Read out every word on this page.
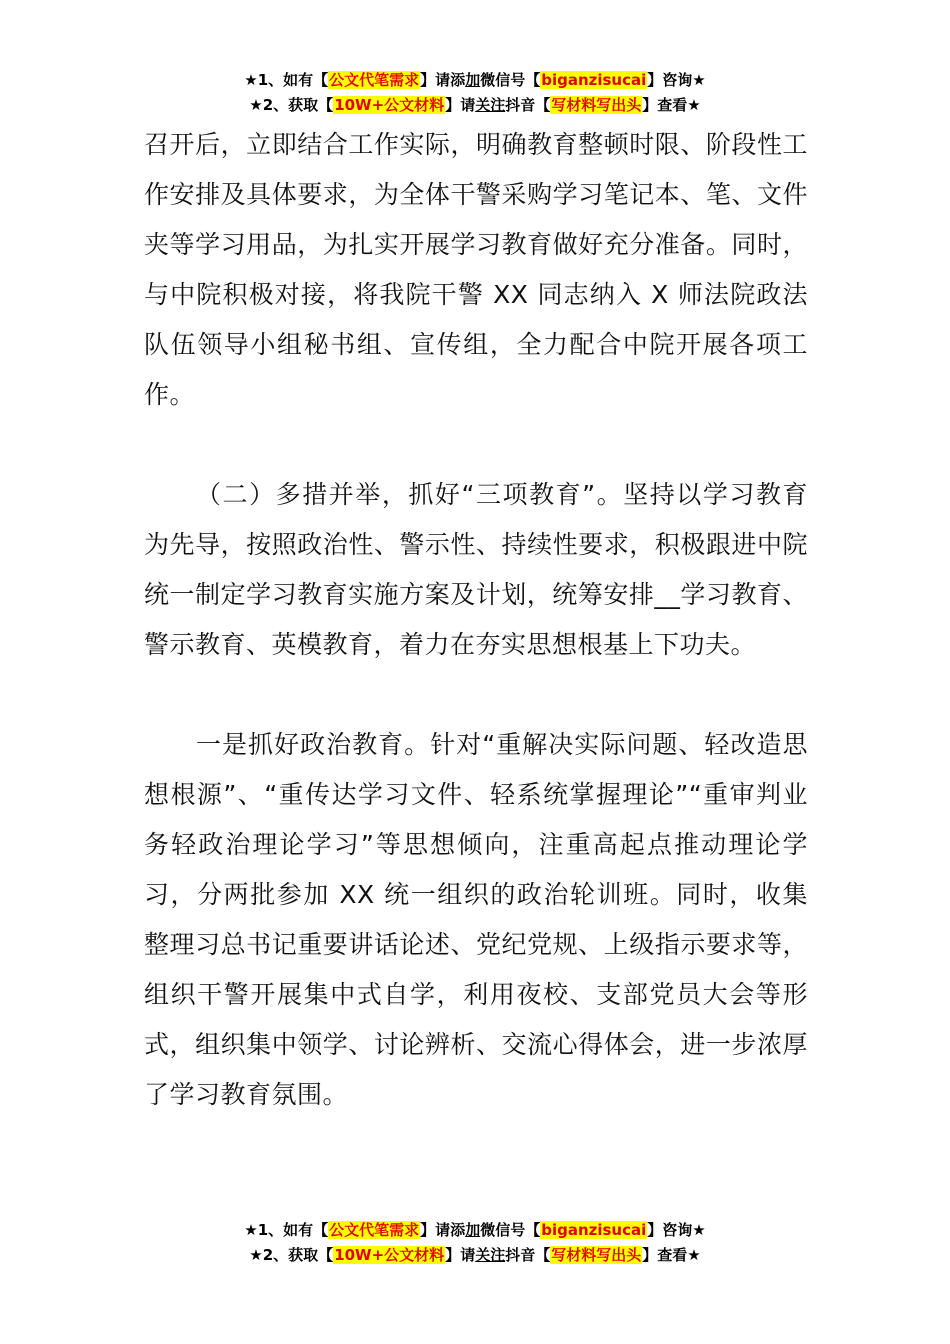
★1、如有【公文代笔需求】请添加微信号【biganzisucai】咨询★
★2、获取【10W+公文材料】请关注抖音【写材料写出头】查看★

召开后，立即结合工作实际，明确教育整顿时限、阶段性工作安排及具体要求，为全体干警采购学习笔记本、笔、文件夹等学习用品，为扎实开展学习教育做好充分准备。同时，与中院积极对接，将我院干警 XX 同志纳入 X 师法院政法队伍领导小组秘书组、宣传组，全力配合中院开展各项工作。

（二）多措并举，抓好“三项教育”。坚持以学习教育为先导，按照政治性、警示性、持续性要求，积极跟进中院统一制定学习教育实施方案及计划，统筹安排__学习教育、警示教育、英模教育，着力在夯实思想根基上下功夫。

一是抓好政治教育。针对“重解决实际问题、轻改造思想根源”、“重传达学习文件、轻系统掌握理论”“重审判业务轻政治理论学习”等思想倾向，注重高起点推动理论学习，分两批参加 XX 统一组织的政治轮训班。同时，收集整理习总书记重要讲话论述、党纪党规、上级指示要求等，组织干警开展集中式自学，利用夜校、支部党员大会等形式，组织集中领学、讨论辨析、交流心得体会，进一步浓厚了学习教育氛围。

★1、如有【公文代笔需求】请添加微信号【biganzisucai】咨询★
★2、获取【10W+公文材料】请关注抖音【写材料写出头】查看★
